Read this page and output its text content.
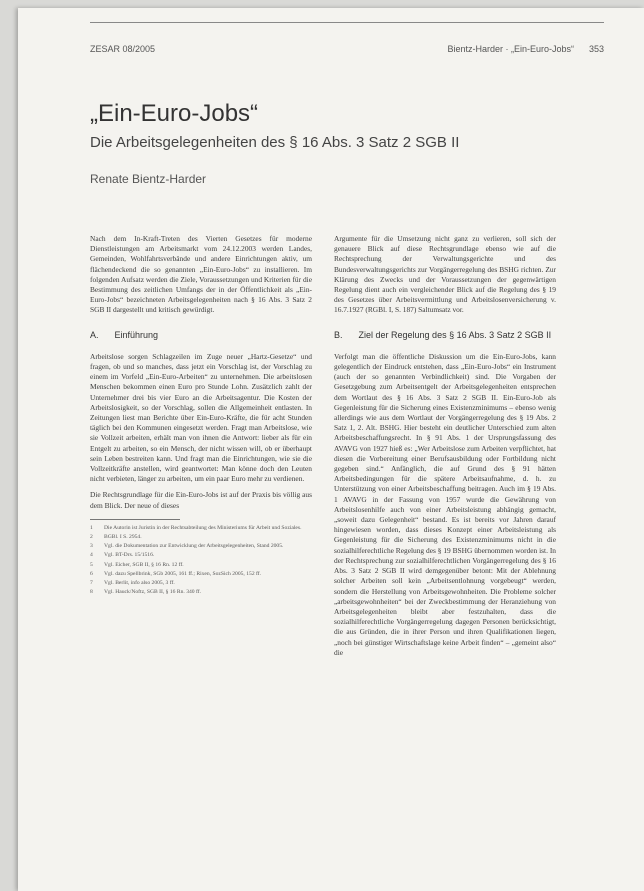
ZESAR 08/2005	Bientz-Harder · „Ein-Euro-Jobs“ 353
„Ein-Euro-Jobs“
Die Arbeitsgelegenheiten des § 16 Abs. 3 Satz 2 SGB II
Renate Bientz-Harder

Nach dem In-Kraft-Treten des Vierten Gesetzes für moderne Dienstleistungen am Arbeitsmarkt vom 24.12.2003 werden Landes, Gemeinden, Wohlfahrtsverbände und andere Einrichtungen aktiv, um flächendeckend die so genannten „Ein-Euro-Jobs“ zu installieren. Im folgenden Aufsatz werden die Ziele, Voraussetzungen und Kriterien für die Bestimmung des zeitlichen Umfangs der in der Öffentlichkeit als „Ein-Euro-Jobs“ bezeichneten Arbeitsgelegenheiten nach § 16 Abs. 3 Satz 2 SGB II dargestellt und kritisch gewürdigt.

A. Einführung

Arbeitslose sorgen Schlagzeilen im Zuge neuer „Hartz-Gesetze“ und fragen, ob und so manches, dass jetzt ein Vorschlag ist, der Vorschlag zu einem im Vorfeld „Ein-Euro-Arbeiten“ zu unternehmen. Die arbeitslosen Menschen bekommen einen Euro pro Stunde Lohn. Zusätzlich zahlt der Unternehmer drei bis vier Euro an die Arbeitsagentur. Die Kosten der Arbeitslosigkeit, so der Vorschlag, sollen die Allgemeinheit entlasten. In Zeitungen liest man Berichte über Ein-Euro-Kräfte, die für acht Stunden täglich bei den Kommunen eingesetzt werden. Fragt man Arbeitslose, wie sie Vollzeit arbeiten, erhält man von ihnen die Antwort: lieber als für ein Entgelt zu arbeiten, so ein Mensch, der nicht wissen will, ob er überhaupt sein Leben bestreiten kann. Und fragt man die Einrichtungen, wie sie die Vollzeitkräfte anstellen, wird geantwortet: Man könne doch den Leuten nicht verbieten, länger zu arbeiten, um ein paar Euro mehr zu verdienen.

Die Rechtsgrundlage für die Ein-Euro-Jobs ist auf der Praxis bis völlig aus dem Blick. Der neue of dieses

1	Die Autorin ist Juristin in der Rechtsabteilung des Ministeriums für Arbeit und Soziales.
2	BGBl. I S. 2954.
3	Vgl. die Dokumentation zur Entwicklung der Arbeitsgelegenheiten, Stand 2005.
4	Vgl. BT-Drs. 15/1516.
5	Vgl. Eicher, SGB II, § 16 Rn. 12 ff.
6	Vgl. dazu Spellbrink, SGb 2005, 161 ff.; Rixen, SozSich 2005, 152 ff.
7	Vgl. Berlit, info also 2005, 3 ff.
8	Vgl. Hauck/Noftz, SGB II, § 16 Rn. 340 ff.

Argumente für die Umsetzung nicht ganz zu verlieren, soll sich der genauere Blick auf diese Rechtsgrundlage ebenso wie auf die Rechtsprechung der Verwaltungsgerichte und des Bundesverwaltungsgerichts zur Vorgängerregelung des BSHG richten. Zur Klärung des Zwecks und der Voraussetzungen der gegenwärtigen Regelung dient auch ein vergleichender Blick auf die Regelung des § 19 des Gesetzes über Arbeitsvermittlung und Arbeitslosenversicherung v. 16.7.1927 (RGBl. I, S. 187) Saltumsatz vor.

B. Ziel der Regelung des § 16 Abs. 3 Satz 2 SGB II

Verfolgt man die öffentliche Diskussion um die Ein-Euro-Jobs, kann gelegentlich der Eindruck entstehen, dass „Ein-Euro-Jobs“ ein Instrument (auch der so genannten Verbindlichkeit) sind. Die Vorgaben der Gesetzgebung zum Arbeitsentgelt der Arbeitsgelegenheiten entsprechen dem Wortlaut des § 16 Abs. 3 Satz 2 SGB II. Ein-Euro-Job als Gegenleistung für die Sicherung eines Existenzminimums – ebenso wenig allerdings wie aus dem Wortlaut der Vorgängerregelung des § 19 Abs. 2 Satz 1, 2. Alt. BSHG. Hier besteht ein deutlicher Unterschied zum alten Arbeitsbeschaffungsrecht. In § 91 Abs. 1 der Ursprungsfassung des AVAVG von 1927 hieß es: „Wer Arbeitslose zum Arbeiten verpflichtet, hat diesen die Vorbereitung einer Berufsausbildung oder Fortbildung nicht gegeben sind.“ Anfänglich, die auf Grund des § 91 hätten Arbeitsbedingungen für die spätere Arbeitsaufnahme, d. h. zu Unterstützung von einer Arbeitsbeschaffung beitragen. Auch im § 19 Abs. 1 AVAVG in der Fassung von 1957 wurde die Gewährung von Arbeitslosenhilfe auch von einer Arbeitsleistung abhängig gemacht, „soweit dazu Gelegenheit“ bestand. Es ist bereits vor Jahren darauf hingewiesen worden, dass dieses Konzept einer Arbeitsleistung als Gegenleistung für die Sicherung des Existenzminimums nicht in die sozialhilferechtliche Regelung des § 19 BSHG übernommen worden ist. In der Rechtsprechung zur sozialhilferechtlichen Vorgängerregelung des § 16 Abs. 3 Satz 2 SGB II wird demgegenüber betont: Mit der Ablehnung solcher Arbeiten soll kein „Arbeitsentlohnung vorgebeugt“ werden, sondern die Herstellung von Arbeitsgewohnheiten. Die Probleme solcher „arbeitsgewohnheiten“ bei der Zweckbestimmung der Heranziehung von Arbeitsgelegenheiten bleibt aber festzuhalten, dass die sozialhilferechtliche Vorgängerregelung dagegen Personen berücksichtigt, die aus Gründen, die in ihrer Person und ihren Qualifikationen liegen, „noch bei günstiger Wirtschaftslage keine Arbeit finden“ – „gemeint also“ die
